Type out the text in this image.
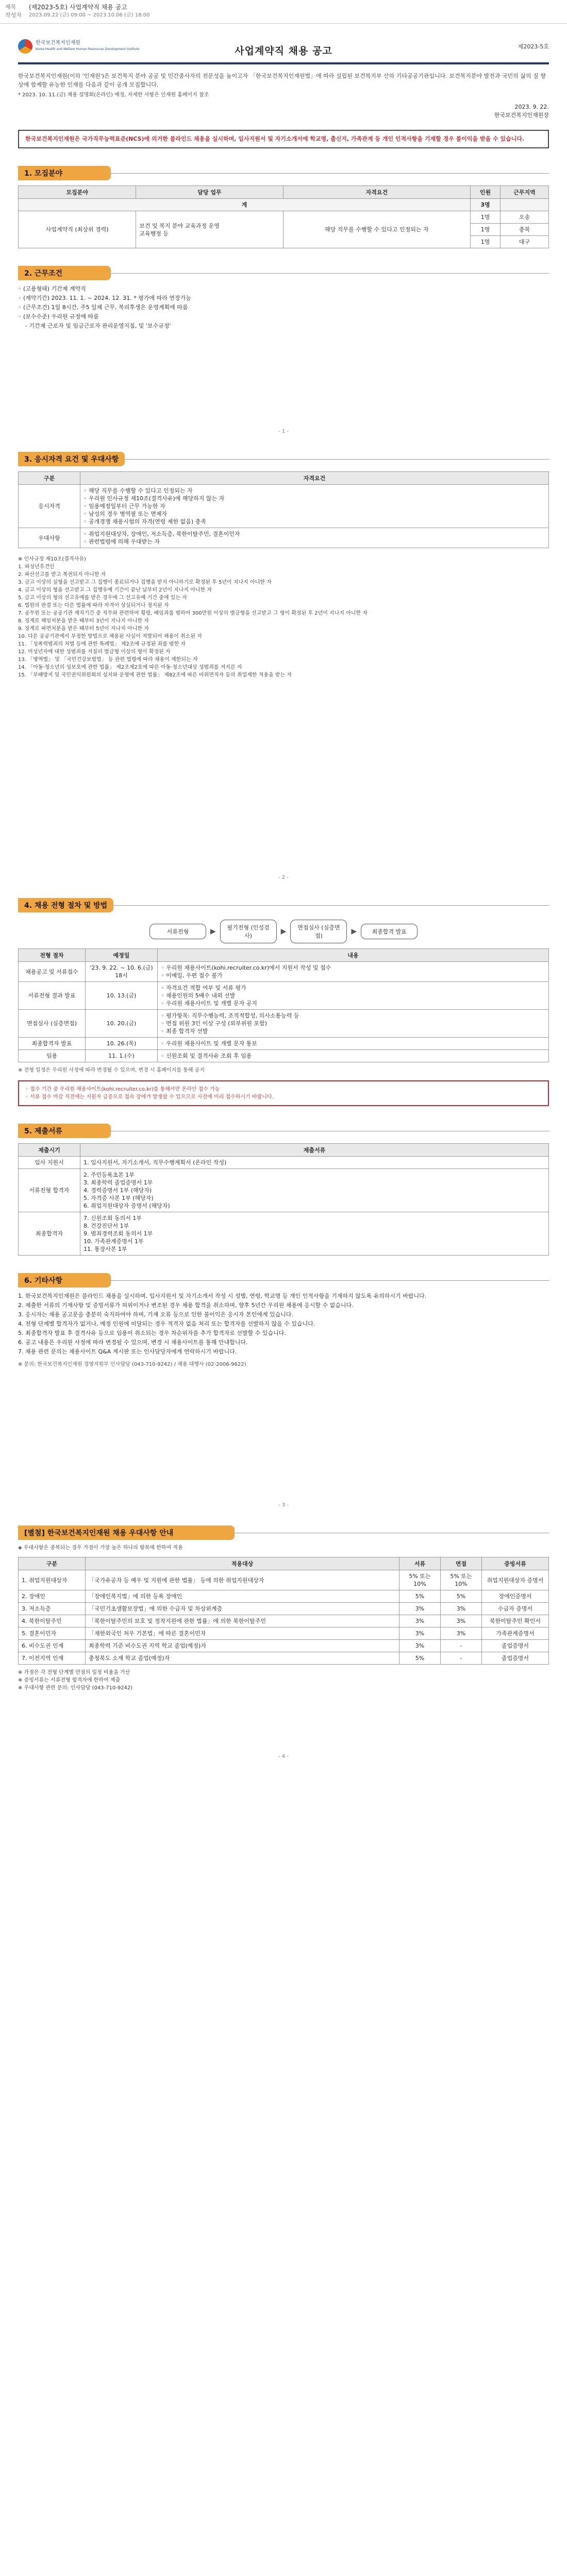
제목	(제2023-5호) 사업계약직 채용 공고
작성자	2023.09.22 (금) 09:00 ~ 2023.10.06 (금) 18:00
한국보건복지인재원
Korea Health and Welfare Human Resources Development Institute	제2023-5호
사업계약직 채용 공고
한국보건복지인재원(이하 '인재원')은 보건복지 분야 공공 및 민간종사자의 전문성을 높이고자 「한국보건복지인재원법」에 따라 설립된 보건복지부 산하 기타공공기관입니다. 보건복지분야 발전과 국민의 삶의 질 향상에 함께할 유능한 인재를 다음과 같이 공개 모집합니다.
* 2023. 10. 11.(금) 채용 설명회(온라인) 예정, 자세한 사항은 인재원 홈페이지 참조
2023. 9. 22.
한국보건복지인재원장
한국보건복지인재원은 국가직무능력표준(NCS)에 의거한 블라인드 채용을 실시하며, 입사지원서 및 자기소개서에 학교명, 출신지, 가족관계 등 개인 인적사항을 기재할 경우 불이익을 받을 수 있습니다.
1. 모집분야
모집분야	담당 업무	자격요건	인원	근무지역
계			3명	
사업계약직 (최상위 경력)	보건 및 복지 분야 교육과정 운영
교육행정 등	해당 직무를 수행할 수 있다고 인정되는 자	1명	오송
			1명	충북
			1명	대구
2. 근무조건
◦ (고용형태) 기간제 계약직
◦ (계약기간) 2023. 11. 1. ~ 2024. 12. 31. * 평가에 따라 연장가능
◦ (근무조건) 1일 8시간, 주5 일제 근무, 복리후생은 운영계획에 따름
◦ (보수수준) 우리원 규정에 따름
- 기간제 근로자 및 임금근로자 관리운영지침, 및 '보수규정'
- 1 -
3. 응시자격 요건 및 우대사항
구분	자격요건
응시자격	◦ 해당 직무를 수행할 수 있다고 인정되는 자
◦ 우리원 인사규정 제10조(결격사유)에 해당하지 않는 자
◦ 임용예정일부터 근무 가능한 자
◦ 남성의 경우 병역필 또는 면제자
◦ 공개경쟁 채용시험의 자격(연령 제한 없음) 충족
우대사항	◦ 취업지원대상자, 장애인, 저소득층, 북한이탈주민, 결혼이민자
◦ 관련법령에 의해 우대받는 자
※ 인사규정 제10조(결격사유)
1. 피성년후견인
2. 파산선고를 받고 복권되지 아니한 자
3. 금고 이상의 실형을 선고받고 그 집행이 종료되거나 집행을 받지 아니하기로 확정된 후 5년이 지나지 아니한 자
4. 금고 이상의 형을 선고받고 그 집행유예 기간이 끝난 날부터 2년이 지나지 아니한 자
5. 금고 이상의 형의 선고유예를 받은 경우에 그 선고유예 기간 중에 있는 자
6. 법원의 판결 또는 다른 법률에 따라 자격이 상실되거나 정지된 자
7. 공무원 또는 공공기관 재직기간 중 직무와 관련하여 횡령, 배임죄를 범하여 300만원 이상의 벌금형을 선고받고 그 형이 확정된 후 2년이 지나지 아니한 자
8. 징계로 해임처분을 받은 때부터 3년이 지나지 아니한 자
9. 징계로 파면처분을 받은 때부터 5년이 지나지 아니한 자
10. 다른 공공기관에서 부정한 방법으로 채용된 사실이 적발되어 채용이 취소된 자
11. 「성폭력범죄의 처벌 등에 관한 특례법」 제2조에 규정된 죄를 범한 자
12. 미성년자에 대한 성범죄를 저질러 벌금형 이상의 형이 확정된 자
13. 「병역법」 및 「국민건강보험법」 등 관련 법령에 따라 채용이 제한되는 자
14. 「아동·청소년의 성보호에 관한 법률」 제2조제2호에 따른 아동·청소년대상 성범죄를 저지른 자
15. 「부패방지 및 국민권익위원회의 설치와 운영에 관한 법률」 제82조에 따른 비위면직자 등의 취업제한 적용을 받는 자
- 2 -
4. 채용 전형 절차 및 방법
서류전형	▶	필기전형 (인성검사)
▶	면접심사 (심층면접)
▶	최종합격 발표
전형 절차	예정일	내용
채용공고 및 서류접수	'23. 9. 22. ~ 10. 6.(금) 18시	◦ 우리원 채용사이트(kohi.recruiter.co.kr)에서 지원서 작성 및 접수
◦ 이메일, 우편 접수 불가
서류전형 결과 발표	10. 13.(금)	◦ 자격요건 적합 여부 및 서류 평가
◦ 채용인원의 5배수 내외 선발
◦ 우리원 채용사이트 및 개별 문자 공지
면접심사 (심층면접)	10. 20.(금)	◦ 평가항목: 직무수행능력, 조직적합성, 의사소통능력 등
◦ 면접 위원 3인 이상 구성 (외부위원 포함)
◦ 최종 합격자 선발
최종합격자 발표	10. 26.(목)	◦ 우리원 채용사이트 및 개별 문자 통보
임용	11. 1.(수)	◦ 신원조회 및 결격사유 조회 후 임용
※ 전형 일정은 우리원 사정에 따라 변경될 수 있으며, 변경 시 홈페이지를 통해 공지
◦ 접수 기간 중 우리원 채용사이트(kohi.recruiter.co.kr)를 통해서만 온라인 접수 가능
◦ 서류 접수 마감 직전에는 지원자 급증으로 접속 장애가 발생할 수 있으므로 사전에 미리 접수하시기 바랍니다.
5. 제출서류
제출시기	제출서류
입사 지원시	1. 입사지원서, 자기소개서, 직무수행계획서 (온라인 작성)
서류전형 합격자	2. 주민등록초본 1부
3. 최종학력 졸업증명서 1부
4. 경력증명서 1부 (해당자)
5. 자격증 사본 1부 (해당자)
6. 취업지원대상자 증명서 (해당자)
최종합격자	7. 신원조회 동의서 1부
8. 건강진단서 1부
9. 범죄경력조회 동의서 1부
10. 가족관계증명서 1부
11. 통장사본 1부
6. 기타사항
1. 한국보건복지인재원은 블라인드 채용을 실시하며, 입사지원서 및 자기소개서 작성 시 성별, 연령, 학교명 등 개인 인적사항을 기재하지 않도록 유의하시기 바랍니다.
2. 제출한 서류의 기재사항 및 증빙서류가 허위이거나 변조된 경우 채용 합격을 취소하며, 향후 5년간 우리원 채용에 응시할 수 없습니다.
3. 응시자는 채용 공고문을 충분히 숙지하여야 하며, 기재 오류 등으로 인한 불이익은 응시자 본인에게 있습니다.
4. 전형 단계별 합격자가 없거나, 예정 인원에 미달되는 경우 적격자 없음 처리 또는 합격자를 선발하지 않을 수 있습니다.
5. 최종합격자 발표 후 결격사유 등으로 임용이 취소되는 경우 차순위자를 추가 합격자로 선발할 수 있습니다.
6. 공고 내용은 우리원 사정에 따라 변경될 수 있으며, 변경 시 채용사이트를 통해 안내합니다.
7. 채용 관련 문의는 채용사이트 Q&A 게시판 또는 인사담당자에게 연락하시기 바랍니다.
※ 문의: 한국보건복지인재원 경영지원부 인사담당 (043-710-9242) / 채용 대행사 (02-2006-9622)
- 3 -
[별첨] 한국보건복지인재원 채용 우대사항 안내
◈ 우대사항은 중복되는 경우 가점이 가장 높은 하나의 항목에 한하여 적용
구분	적용대상	서류	면접	증빙서류
1. 취업지원대상자	「국가유공자 등 예우 및 지원에 관한 법률」 등에 의한 취업지원대상자	5% 또는 10%	5% 또는 10%	취업지원대상자 증명서
2. 장애인	「장애인복지법」에 의한 등록 장애인	5%	5%	장애인증명서
3. 저소득층	「국민기초생활보장법」에 의한 수급자 및 차상위계층	3%	3%	수급자 증명서
4. 북한이탈주민	「북한이탈주민의 보호 및 정착지원에 관한 법률」에 의한 북한이탈주민	3%	3%	북한이탈주민 확인서
5. 결혼이민자	「재한외국인 처우 기본법」에 따른 결혼이민자	3%	3%	가족관계증명서
6. 비수도권 인재	최종학력 기준 비수도권 지역 학교 졸업(예정)자	3%	-	졸업증명서
7. 이전지역 인재	충청북도 소재 학교 졸업(예정)자	5%	-	졸업증명서
※ 가점은 각 전형 단계별 만점의 일정 비율을 가산
※ 증빙서류는 서류전형 합격자에 한하여 제출
※ 우대사항 관련 문의: 인사담당 (043-710-9242)
- 4 -
